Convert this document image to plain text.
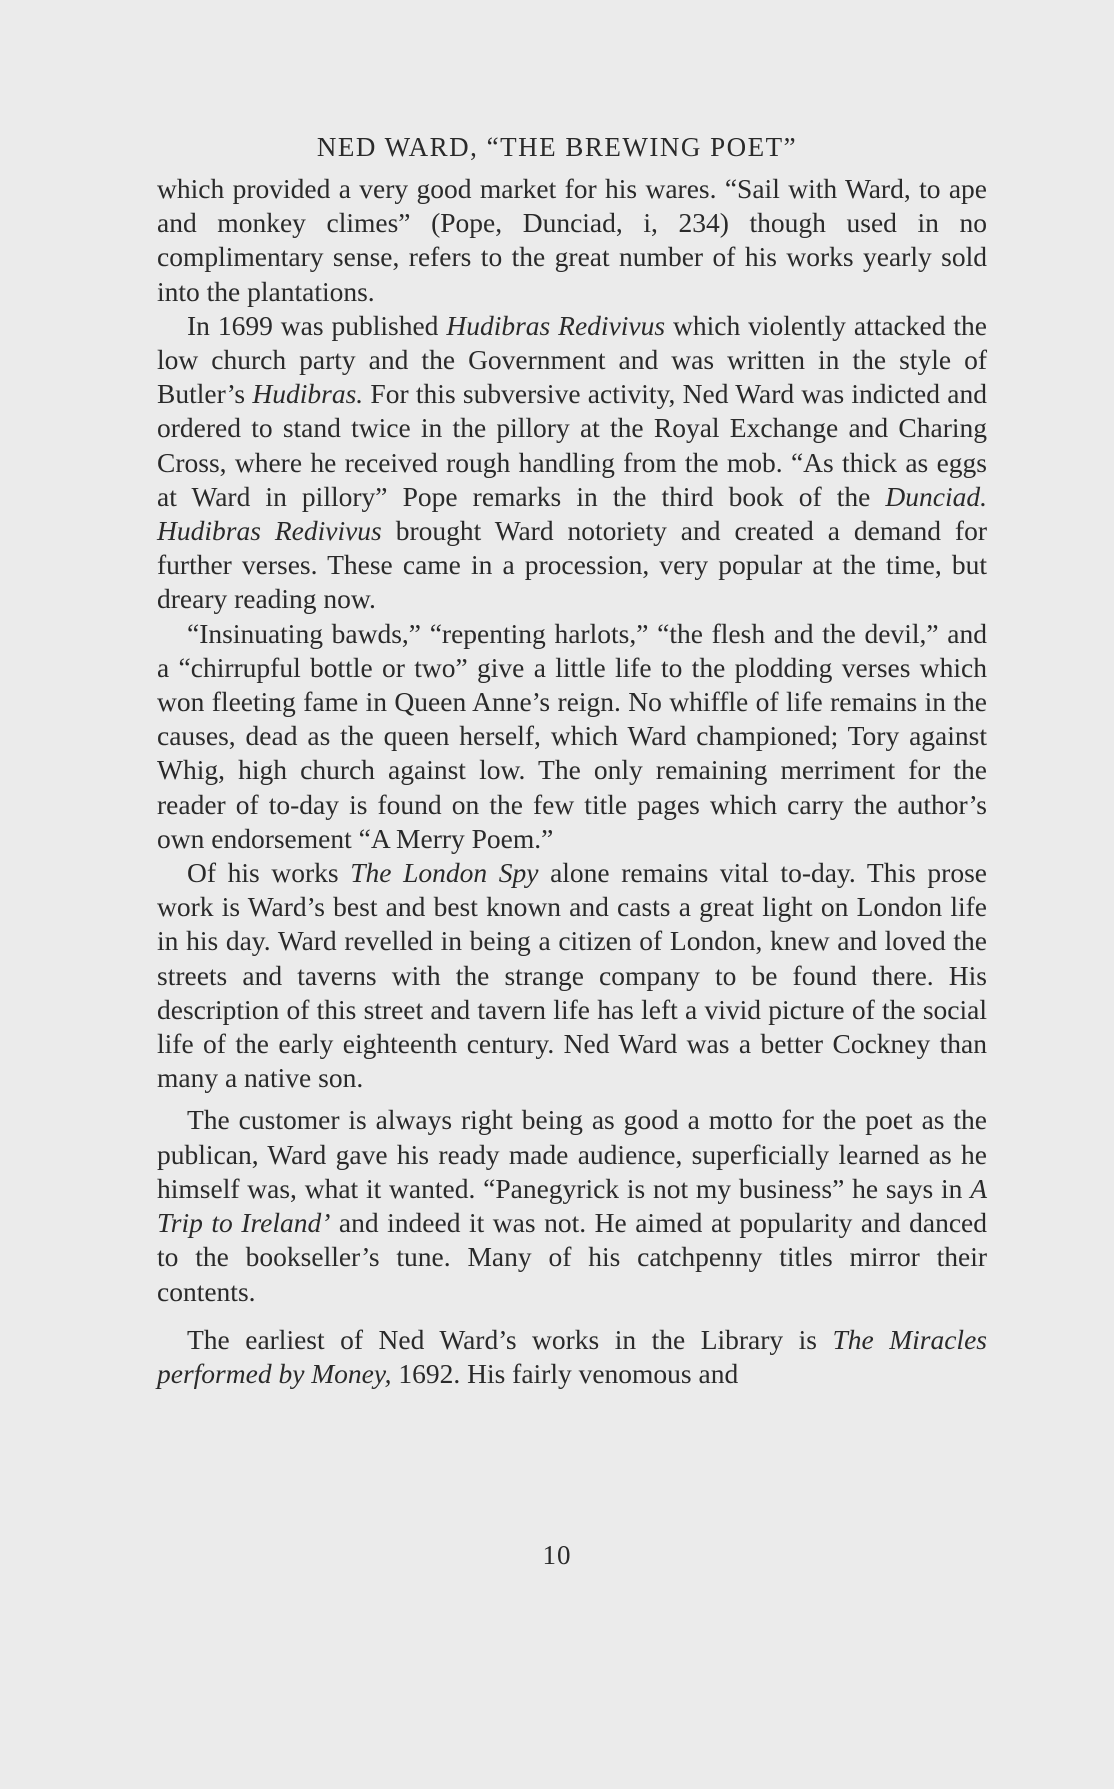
NED WARD, “THE BREWING POET”

which provided a very good market for his wares. “Sail with Ward, to ape and monkey climes” (Pope, Dunciad, i, 234) though used in no complimentary sense, refers to the great number of his works yearly sold into the plantations.

In 1699 was published Hudibras Redivivus which violently attacked the low church party and the Government and was written in the style of Butler’s Hudibras. For this subversive activity, Ned Ward was indicted and ordered to stand twice in the pillory at the Royal Exchange and Charing Cross, where he received rough handling from the mob. “As thick as eggs at Ward in pillory” Pope remarks in the third book of the Dunciad. Hudibras Redivivus brought Ward notoriety and created a demand for further verses. These came in a procession, very popular at the time, but dreary reading now.

“Insinuating bawds,” “repenting harlots,” “the flesh and the devil,” and a “chirrupful bottle or two” give a little life to the plodding verses which won fleeting fame in Queen Anne’s reign. No whiffle of life remains in the causes, dead as the queen herself, which Ward championed; Tory against Whig, high church against low. The only remaining merriment for the reader of to-day is found on the few title pages which carry the author’s own endorsement “A Merry Poem.”

Of his works The London Spy alone remains vital to-day. This prose work is Ward’s best and best known and casts a great light on London life in his day. Ward revelled in being a citizen of London, knew and loved the streets and taverns with the strange company to be found there. His description of this street and tavern life has left a vivid picture of the social life of the early eighteenth century. Ned Ward was a better Cockney than many a native son.

The customer is always right being as good a motto for the poet as the publican, Ward gave his ready made audience, superficially learned as he himself was, what it wanted. “Panegyrick is not my business” he says in A Trip to Ireland’ and indeed it was not. He aimed at popularity and danced to the bookseller’s tune. Many of his catchpenny titles mirror their contents.

The earliest of Ned Ward’s works in the Library is The Miracles performed by Money, 1692. His fairly venomous and

10
